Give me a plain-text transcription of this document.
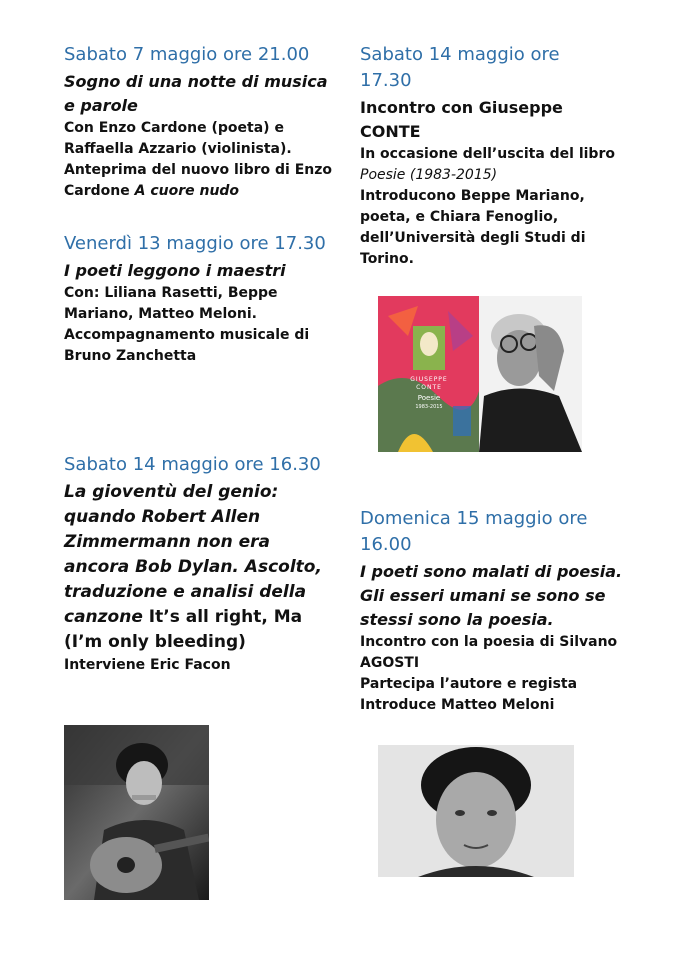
Sabato 7 maggio ore 21.00

Sogno di una notte di musica e parole

Con Enzo Cardone (poeta) e Raffaella Azzario (violinista).

Anteprima del nuovo libro di Enzo Cardone A cuore nudo

Venerdì 13 maggio ore 17.30

I poeti leggono i maestri

Con: Liliana Rasetti, Beppe Mariano, Matteo Meloni.

Accompagnamento musicale di Bruno Zanchetta

Sabato 14 maggio ore 16.30

La gioventù del genio: quando Robert Allen Zimmermann non era ancora Bob Dylan. Ascolto, traduzione e analisi della canzone It’s all right, Ma (I’m only bleeding)

Interviene Eric Facon

Sabato 14 maggio ore 17.30

Incontro con Giuseppe CONTE

In occasione dell’uscita del libro

Poesie (1983-2015)

Introducono Beppe Mariano, poeta, e Chiara Fenoglio, dell’Università degli Studi di Torino.

GIUSEPPE CONTE
Poesie
1983-2015

Domenica 15 maggio ore 16.00

I poeti sono malati di poesia. Gli esseri umani se sono se stessi sono la poesia.

Incontro con la poesia di Silvano AGOSTI

Partecipa l’autore e regista

Introduce Matteo Meloni
